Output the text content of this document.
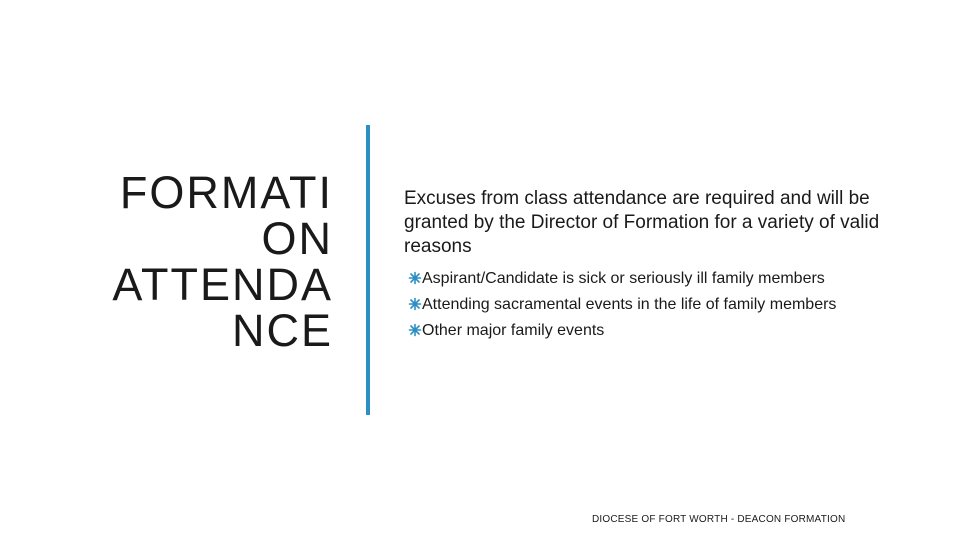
FORMATI
ON
ATTENDA
NCE

Excuses from class attendance are required and will be granted by the Director of Formation for a variety of valid reasons

Aspirant/Candidate is sick or seriously ill family members
Attending sacramental events in the life of family members
Other major family events
DIOCESE OF FORT WORTH - DEACON FORMATION
